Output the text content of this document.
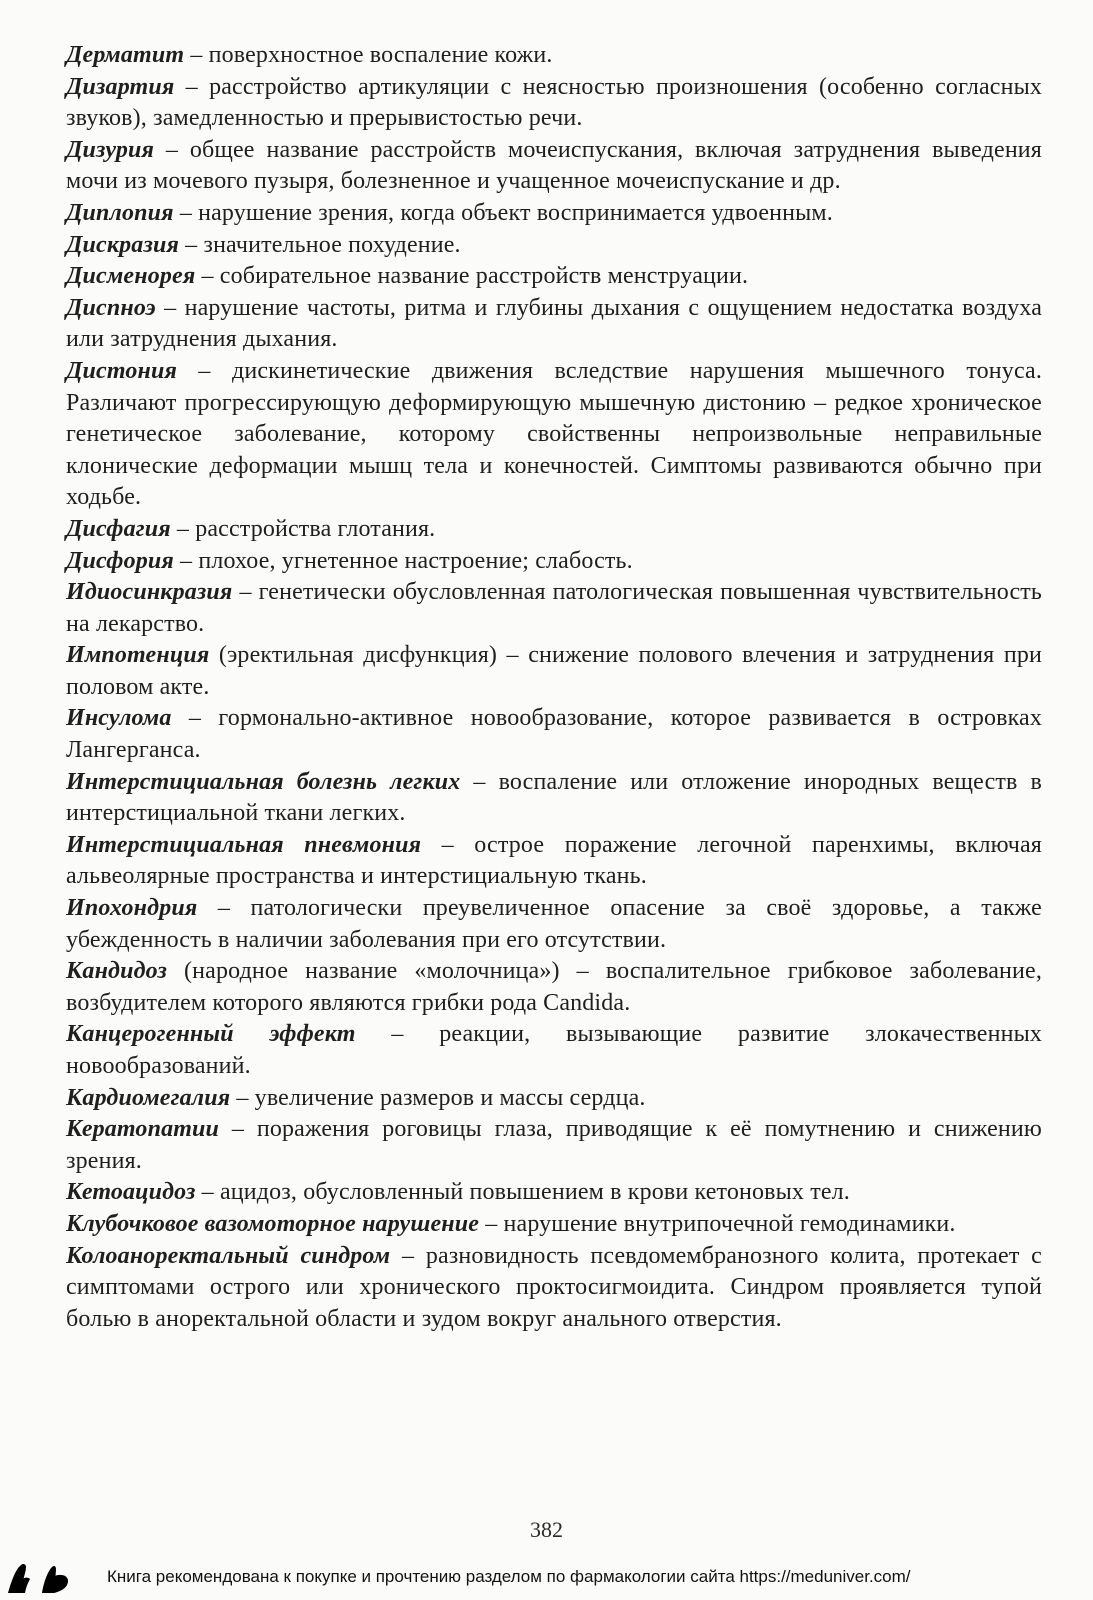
Дерматит – поверхностное воспаление кожи.

Дизартия – расстройство артикуляции с неясностью произношения (особенно согласных звуков), замедленностью и прерывистостью речи.

Дизурия – общее название расстройств мочеиспускания, включая затруднения выведения мочи из мочевого пузыря, болезненное и учащенное мочеиспускание и др.

Диплопия – нарушение зрения, когда объект воспринимается удвоенным.

Дискразия – значительное похудение.

Дисменорея – собирательное название расстройств менструации.

Диспноэ – нарушение частоты, ритма и глубины дыхания с ощущением недостатка воздуха или затруднения дыхания.

Дистония – дискинетические движения вследствие нарушения мышечного тонуса. Различают прогрессирующую деформирующую мышечную дистонию – редкое хроническое генетическое заболевание, которому свойственны непроизвольные неправильные клонические деформации мышц тела и конечностей. Симптомы развиваются обычно при ходьбе.

Дисфагия – расстройства глотания.

Дисфория – плохое, угнетенное настроение; слабость.

Идиосинкразия – генетически обусловленная патологическая повышенная чувствительность на лекарство.

Импотенция (эректильная дисфункция) – снижение полового влечения и затруднения при половом акте.

Инсулома – гормонально-активное новообразование, которое развивается в островках Лангерганса.

Интерстициальная болезнь легких – воспаление или отложение инородных веществ в интерстициальной ткани легких.

Интерстициальная пневмония – острое поражение легочной паренхимы, включая альвеолярные пространства и интерстициальную ткань.

Ипохондрия – патологически преувеличенное опасение за своё здоровье, а также убежденность в наличии заболевания при его отсутствии.

Кандидоз (народное название «молочница») – воспалительное грибковое заболевание, возбудителем которого являются грибки рода Candida.

Канцерогенный эффект – реакции, вызывающие развитие злокачественных новообразований.

Кардиомегалия – увеличение размеров и массы сердца.

Кератопатии – поражения роговицы глаза, приводящие к её помутнению и снижению зрения.

Кетоацидоз – ацидоз, обусловленный повышением в крови кетоновых тел.

Клубочковое вазомоторное нарушение – нарушение внутрипочечной гемодинамики.

Колоаноректальный синдром – разновидность псевдомембранозного колита, протекает с симптомами острого или хронического проктосигмоидита. Синдром проявляется тупой болью в аноректальной области и зудом вокруг анального отверстия.

382
Книга рекомендована к покупке и прочтению разделом по фармакологии сайта https://meduniver.com/
